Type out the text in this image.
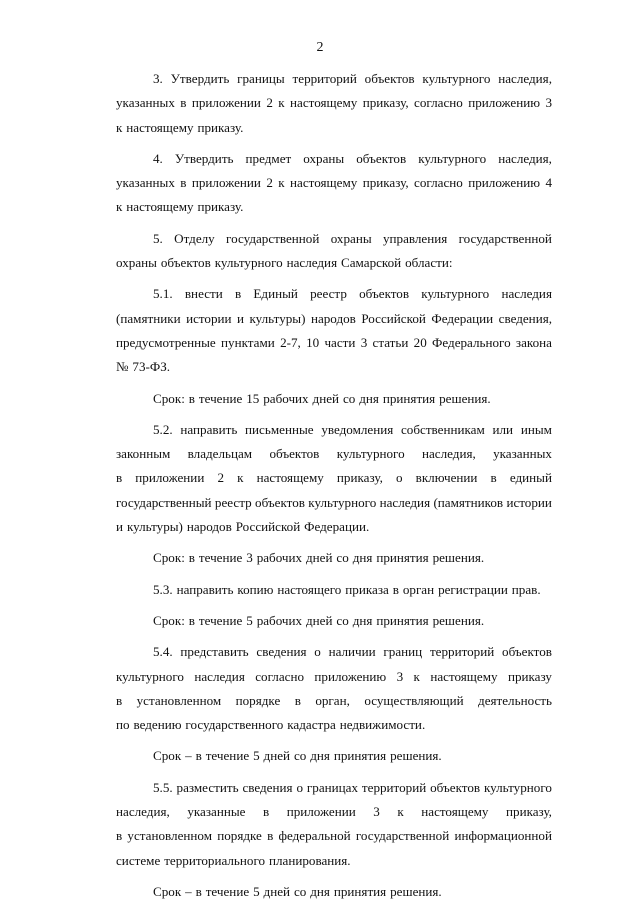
2
3. Утвердить границы территорий объектов культурного наследия,
указанных в приложении 2 к настоящему приказу, согласно приложению 3
к настоящему приказу.
4. Утвердить предмет охраны объектов культурного наследия,
указанных в приложении 2 к настоящему приказу, согласно приложению 4
к настоящему приказу.
5. Отделу государственной охраны управления государственной
охраны объектов культурного наследия Самарской области:
5.1. внести в Единый реестр объектов культурного наследия
(памятники истории и культуры) народов Российской Федерации сведения,
предусмотренные пунктами 2-7, 10 части 3 статьи 20 Федерального закона
№ 73-ФЗ.
Срок: в течение 15 рабочих дней со дня принятия решения.
5.2. направить письменные уведомления собственникам или иным
законным владельцам объектов культурного наследия, указанных
в приложении 2 к настоящему приказу, о включении в единый
государственный реестр объектов культурного наследия (памятников истории
и культуры) народов Российской Федерации.
Срок: в течение 3 рабочих дней со дня принятия решения.
5.3. направить копию настоящего приказа в орган регистрации прав.
Срок: в течение 5 рабочих дней со дня принятия решения.
5.4. представить сведения о наличии границ территорий объектов
культурного наследия согласно приложению 3 к настоящему приказу
в установленном порядке в орган, осуществляющий деятельность
по ведению государственного кадастра недвижимости.
Срок – в течение 5 дней со дня принятия решения.
5.5. разместить сведения о границах территорий объектов культурного
наследия, указанные в приложении 3 к настоящему приказу,
в установленном порядке в федеральной государственной информационной
системе территориального планирования.
Срок – в течение 5 дней со дня принятия решения.
